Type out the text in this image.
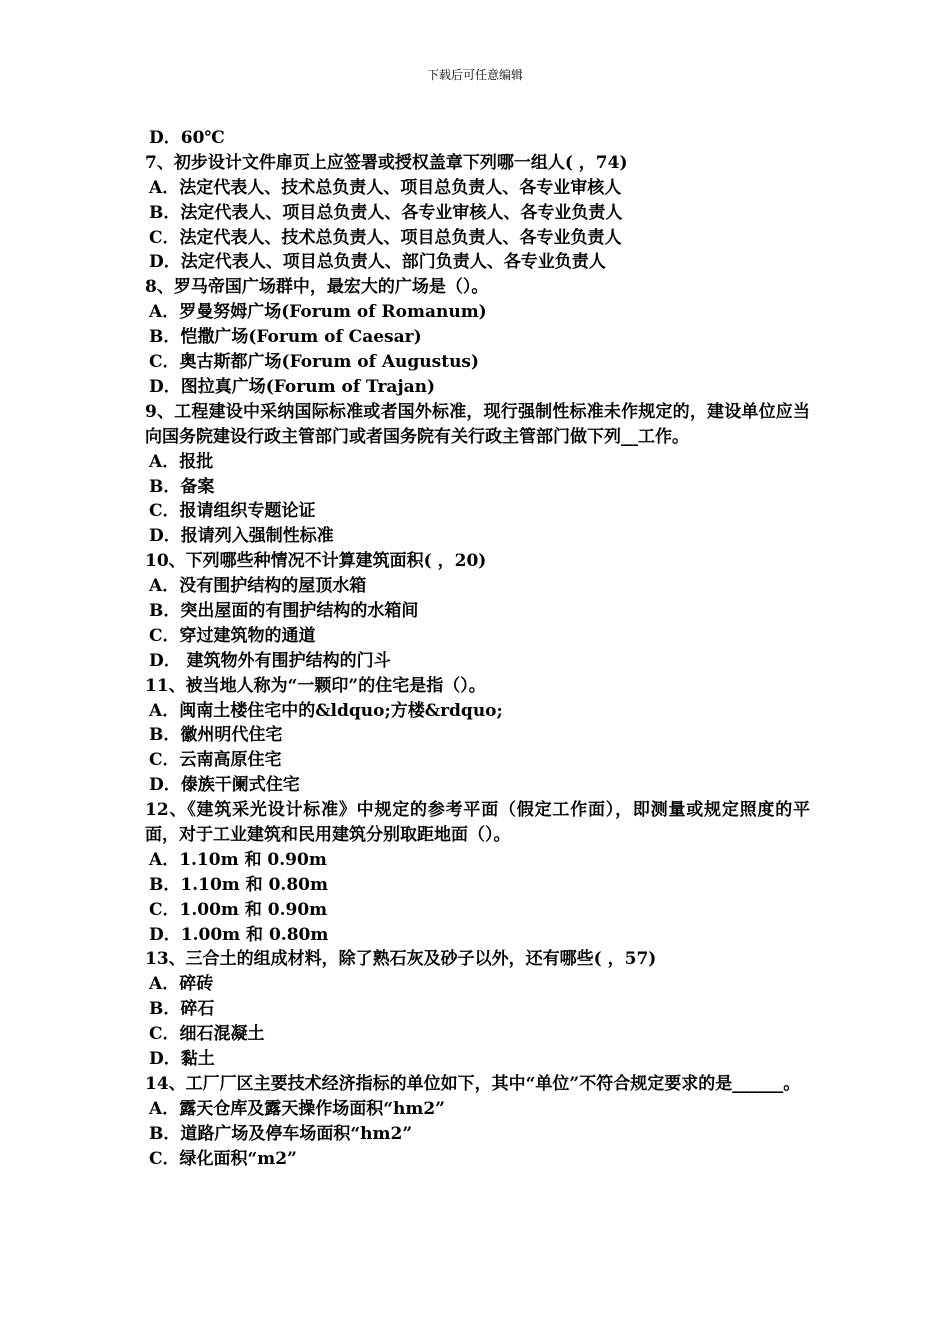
下载后可任意编辑
D．60℃
7、初步设计文件扉页上应签署或授权盖章下列哪一组人( ，74)
A．法定代表人、技术总负责人、项目总负责人、各专业审核人
B．法定代表人、项目总负责人、各专业审核人、各专业负责人
C．法定代表人、技术总负责人、项目总负责人、各专业负责人
D．法定代表人、项目总负责人、部门负责人、各专业负责人
8、罗马帝国广场群中，最宏大的广场是（）。
A．罗曼努姆广场(Forum of Romanum)
B．恺撒广场(Forum of Caesar)
C．奥古斯都广场(Forum of Augustus)
D．图拉真广场(Forum of Trajan)
9、工程建设中采纳国际标准或者国外标准，现行强制性标准未作规定的，建设单位应当向国务院建设行政主管部门或者国务院有关行政主管部门做下列__工作。
A．报批
B．备案
C．报请组织专题论证
D．报请列入强制性标准
10、下列哪些种情况不计算建筑面积( ，20)
A．没有围护结构的屋顶水箱
B．突出屋面的有围护结构的水箱间
C．穿过建筑物的通道
D． 建筑物外有围护结构的门斗
11、被当地人称为“一颗印”的住宅是指（）。
A．闽南土楼住宅中的&ldquo;方楼&rdquo;
B．徽州明代住宅
C．云南高原住宅
D．傣族干阑式住宅
12、《建筑采光设计标准》中规定的参考平面（假定工作面），即测量或规定照度的平面，对于工业建筑和民用建筑分别取距地面（）。
A．1.10m 和 0.90m
B．1.10m 和 0.80m
C．1.00m 和 0.90m
D．1.00m 和 0.80m
13、三合土的组成材料，除了熟石灰及砂子以外，还有哪些( ，57)
A．碎砖
B．碎石
C．细石混凝土
D．黏土
14、工厂厂区主要技术经济指标的单位如下，其中“单位”不符合规定要求的是______。
A．露天仓库及露天操作场面积“hm2”
B．道路广场及停车场面积“hm2”
C．绿化面积“m2”
